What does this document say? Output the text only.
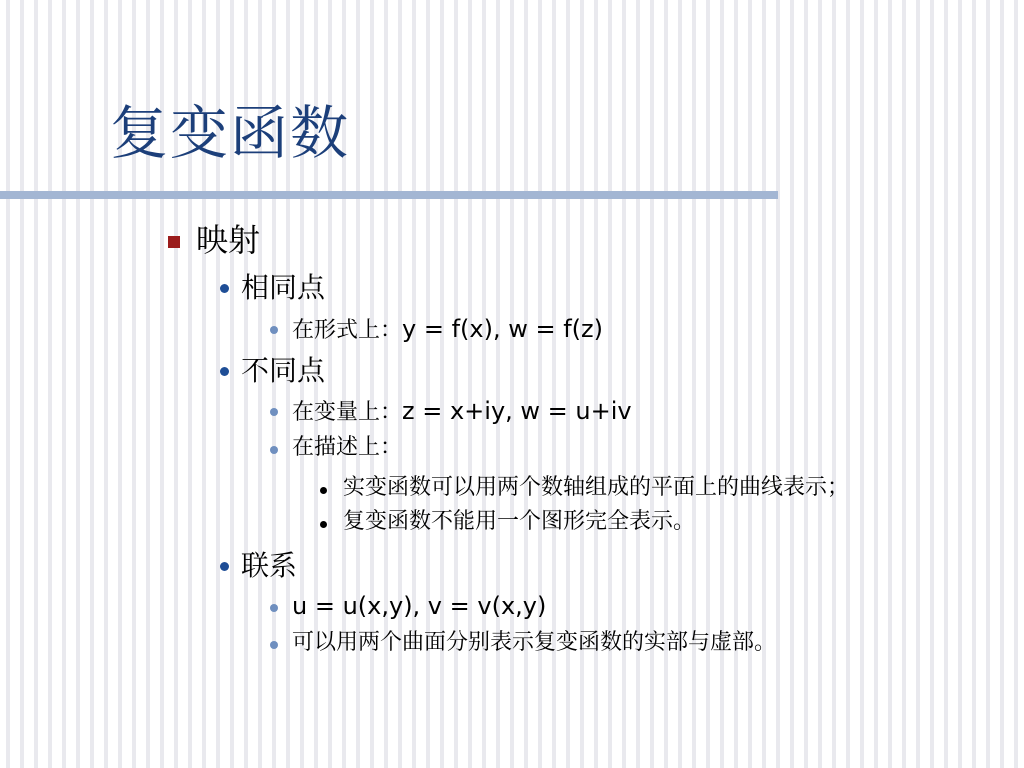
复变函数
映射
相同点
在形式上：y = f(x), w = f(z)
不同点
在变量上：z = x+iy, w = u+iv
在描述上：
实变函数可以用两个数轴组成的平面上的曲线表示；
复变函数不能用一个图形完全表示。
联系
u = u(x,y), v = v(x,y)
可以用两个曲面分别表示复变函数的实部与虚部。
